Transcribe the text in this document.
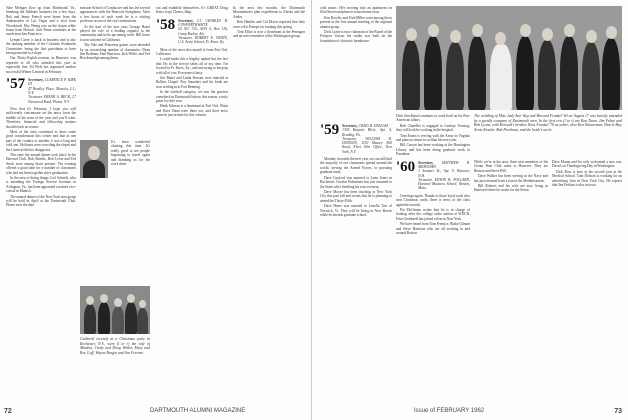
Nate Metzger flew up from Richmond, Va., breaking the Sabbatic business for a few days. Bob and Jenny French were home from the Ambassador in Las Vegas and a visit from Woodstock. Eby Wenig was on the slopes while home from Hawaii. Jack Pentz continues at the ranch near San Francisco.

Lyman Corey is back in business and is also the ranking member of the Colorado Avalanche Committee, being the first patrolman to have been promoted to a slope.

Our Thirty-Eighth reunion, in Hanover, was reported to all who attended this year as especially fine. Ed Welz has organized another successful Winter Carnival in February.

'57 Secretary, CLARENCE P. KIRK III
47 Bradley Place, Mineola, L.I., N.Y.
Treasurer, FRANK A. BECK, 27 Westwood Road, Plains, N.Y.

Now that it's February, I hope you will sufficiently concentrate on the news from the middle of the term of the year and you'll want. Therefore, financial and fellowship matters should reach us sooner.

Most of the class continued to show some good consideration this winter and that in one part of the country or another it was a long and cold one. Ski bums were crowding the slopes and the Carnival did not disappoint.

This time the annual dinner took place in the Harvard Club. Bob Shields, Bob Levin and Ted Steck were among those present. The evening offered a good time for a number of classmates who had not been together since graduation.

In the area of doing things Carl Schnidt, who is attending the Foreign Service Institute in Arlington, Va., has been appointed a trainee vice-consul in Munich.

The annual dinner of the New York area group will be held in April at the Dartmouth Club. Please save the date.

mission School of Conducive and has led several appearances with the Hancock Symphony. After a few hours of each week he is a visiting professor at one of the city's institutions.

At the start of the new year, George Hazel played the role of a leading organist in the community and in his upcoming work. Bill Jones is now at home in California.

The Yale and Princeton games were attended by an astonishing number of classmates, Dean Jim Rodman, Paul Harrison, Jack Wolfe, and Ted Breckenridge among them.

It's been wonderful chatting this time. It's really good to see people beginning to travel again and thanking us for the work done.

Gathered recently at a Christmas party in Rochester, N.Y., were (l to r) the wife of Mardon, Cindy and Doug Wilder, Mary and Roy Goff, Wayne Bragin and Jim Ferraro.

out and establish themselves. It's GREAT Doug Knox it up! Cheers, Skip.

'58 Secretary, LT. CHARLES H. COWPERTHWAITE
05 567 725, AOO 6, Box 136, Camp Rucker, Ala.
Treasurer, ROBERT E. WHITE, U.S. Army School, Ft. Knox, Ky.

Most of the news this month is from Fort Ord, California.

I could make this a lengthy update but the fact that I'm in the service takes all of my time. I'm located in Ft. Knox, Ky., and am trying to keep up with all of you. Everyone is busy.

Jim Baker and Linda Stewart were married at Rollins Chapel. Roy Saunders and his bride are now settling in at Fort Benning.

In the football category, we saw the greatest comeback in Dartmouth history this season, a truly great Ivy title year.

Hank Gilman is a lieutenant at Fort Ord. Watts and Dave Dana were there too, and their news came in just in time for this column.

In the next few months, the Dartmouth Mountaineers plan expeditions to Alaska and the Andes.

Rob Hamlin and Cal Dixon reported that they were off to Europe for training this spring.

Tom Elliot is now a lieutenant at the Pentagon and an active member of the Washington group.

72	DARTMOUTH ALUMNI MAGAZINE

with music. He's moving into an apartment on 63rd Street and plans to return home soon.

Ken Rowley and Fred Miller were among those present at the first annual meeting of the regional alumni group.

Dick Crane is now chairman of the Board of the Freeport Union; his studio was built on the foundation of a historic farmhouse.

The wedding of Miss Judy Ann Weg and Howard Frankel '60 on August 17 was heavily attended by a goodly company of Dartmouth men. In the first row (l to r) are Ron Dunn, Jim Fahey and Bob Lyons, with Howard's brother, Ross Frankel '70 as usher; also Ken Wasserman, Harris Bay, Arnie Kessler, Bob Perelman, and the bride's uncle.
'59 Secretary, CRAIG B. HASLAM
1305 Harpole Blvd., Apt. A, Reading, Pa.
Treasurer, WILLIAM H. DODSON, 1150 Massey Hill Road, Fleet Olin Office, New York, N.Y.

Monday forwards the new year, we can still find the majority of our classmates spread around the world, serving the Armed Forces, or pursuing graduate study.

Dave Gaylord was married to Lynn Jones in Rochester. Gordon Hohnlauer has just returned to the States after finishing his tour overseas.

Dave Moore has been teaching in New York City this past fall and writes that he is planning to attend the Thirty-Fifth.

Dave Hines was married to Lenella Tarr of Norwich, Vt. They will be living in New Haven while he attends graduate school.

Dick Strickland continues to work hard on his Pan-American affairs.

Rob Chandler is engaged to Lindsay Tonsing; they will both be working in the hospital.

Tom Evans is serving with the Army in Virginia and plans to return to civilian life next year.

Bill Carson has been working at the Huntington Library and has been doing graduate work in Pasadena.

'60 Secretary, MATTHEW R. MEROSSKY
3 Summer St., Apt. 9, Hanover, N.H.
Treasurer, EDWIN B. POLLARD, Harvard Business School, Boston, Mass.

Greetings again. Thanks to those loyal souls who sent Christmas cards; there is news of the class again this month.

Pat McGinnis writes that he is in charge of looking after the college radio station at WDCR. Fritz Gernhardt has joined a firm in New York.

We have heard from Tom Prentice, Blake Gilman and Steve Harrison who are all working in and around Boston.

While we're in the area, three new members of the Ocean Boat Club came to Hanover. They are Benson and Steve Hill.

Dave Walker has been serving in the Navy and has just returned from a tour in the Mediterranean.

Bill Roberts and his wife are now living in Hartford where he works for the Aetna.

Dave Moran and his wife welcomed a new son, David, on Thanksgiving Day in Washington.

Dick Ross is now in his second year at the Medical School. Tom Dobson is working for an advertising firm in New York City. He reports that Jim Perkins is also in town.

Issue of FEBRUARY 1962	73
